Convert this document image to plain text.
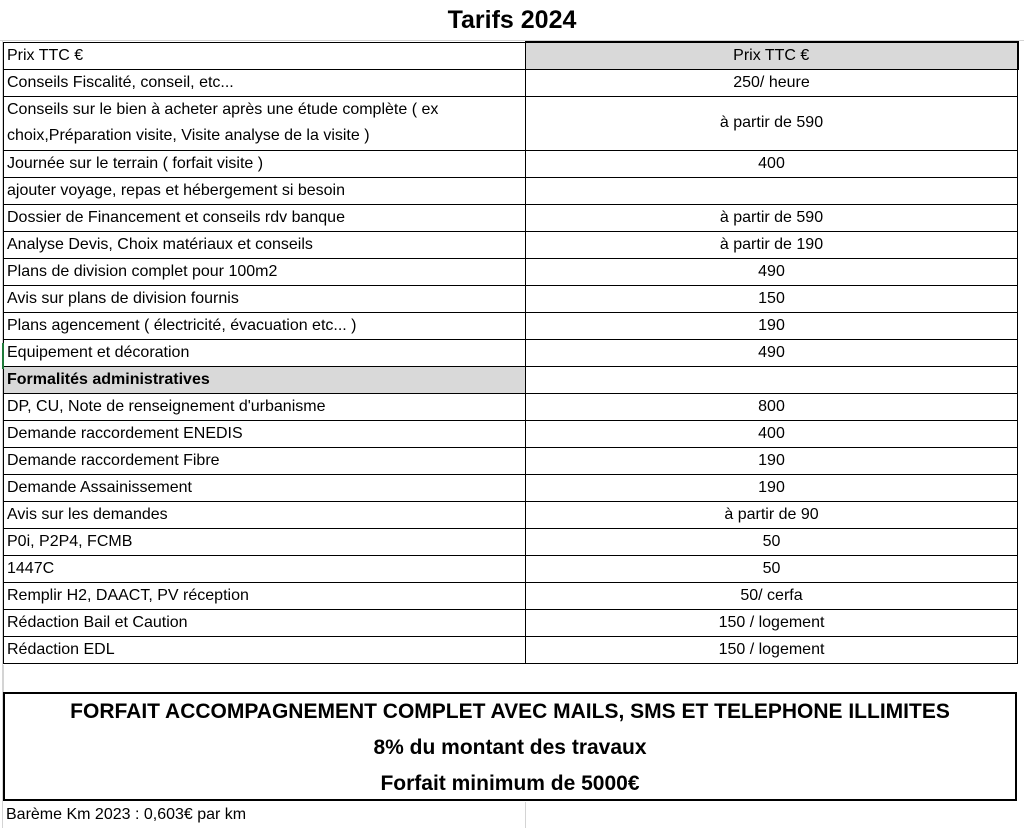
Tarifs 2024
Prix TTC €	Prix TTC €
Conseils Fiscalité, conseil, etc...	250/ heure
Conseils sur le bien à acheter après une étude complète ( ex choix,Préparation visite, Visite analyse de la visite )	à partir de 590
Journée sur le terrain ( forfait visite )	400
ajouter voyage, repas et hébergement si besoin	
Dossier de Financement et conseils rdv banque	à partir de 590
Analyse Devis, Choix matériaux et conseils	à partir de 190
Plans de division complet pour 100m2	490
Avis sur plans de division fournis	150
Plans agencement ( électricité, évacuation etc... )	190
Equipement et décoration	490
Formalités administratives	
DP, CU, Note de renseignement d'urbanisme	800
Demande raccordement ENEDIS	400
Demande raccordement Fibre	190
Demande Assainissement	190
Avis sur les demandes	à partir de 90
P0i, P2P4, FCMB	50
1447C	50
Remplir H2, DAACT, PV réception	50/ cerfa
Rédaction Bail et Caution	150 / logement
Rédaction EDL	150 / logement
FORFAIT ACCOMPAGNEMENT COMPLET AVEC MAILS, SMS ET TELEPHONE ILLIMITES
8% du montant des travaux
Forfait minimum de 5000€
Barème Km 2023 : 0,603€ par km
